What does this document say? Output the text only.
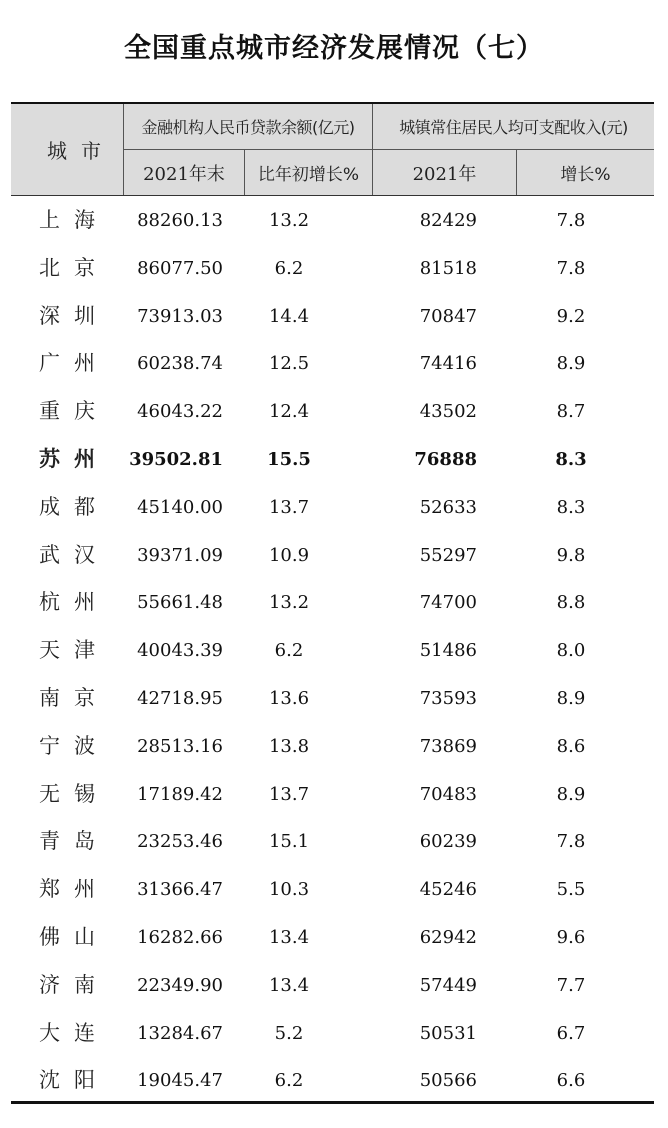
全国重点城市经济发展情况（七）
城市
金融机构人民币贷款余额(亿元)	城镇常住居民人均可支配收入(元)
2021年末	比年初增长%	2021年	增长%
上海	88260.13	13.2	82429	7.8
北京	86077.50	6.2	81518	7.8
深圳	73913.03	14.4	70847	9.2
广州	60238.74	12.5	74416	8.9
重庆	46043.22	12.4	43502	8.7
苏州	39502.81	15.5	76888	8.3
成都	45140.00	13.7	52633	8.3
武汉	39371.09	10.9	55297	9.8
杭州	55661.48	13.2	74700	8.8
天津	40043.39	6.2	51486	8.0
南京	42718.95	13.6	73593	8.9
宁波	28513.16	13.8	73869	8.6
无锡	17189.42	13.7	70483	8.9
青岛	23253.46	15.1	60239	7.8
郑州	31366.47	10.3	45246	5.5
佛山	16282.66	13.4	62942	9.6
济南	22349.90	13.4	57449	7.7
大连	13284.67	5.2	50531	6.7
沈阳	19045.47	6.2	50566	6.6
